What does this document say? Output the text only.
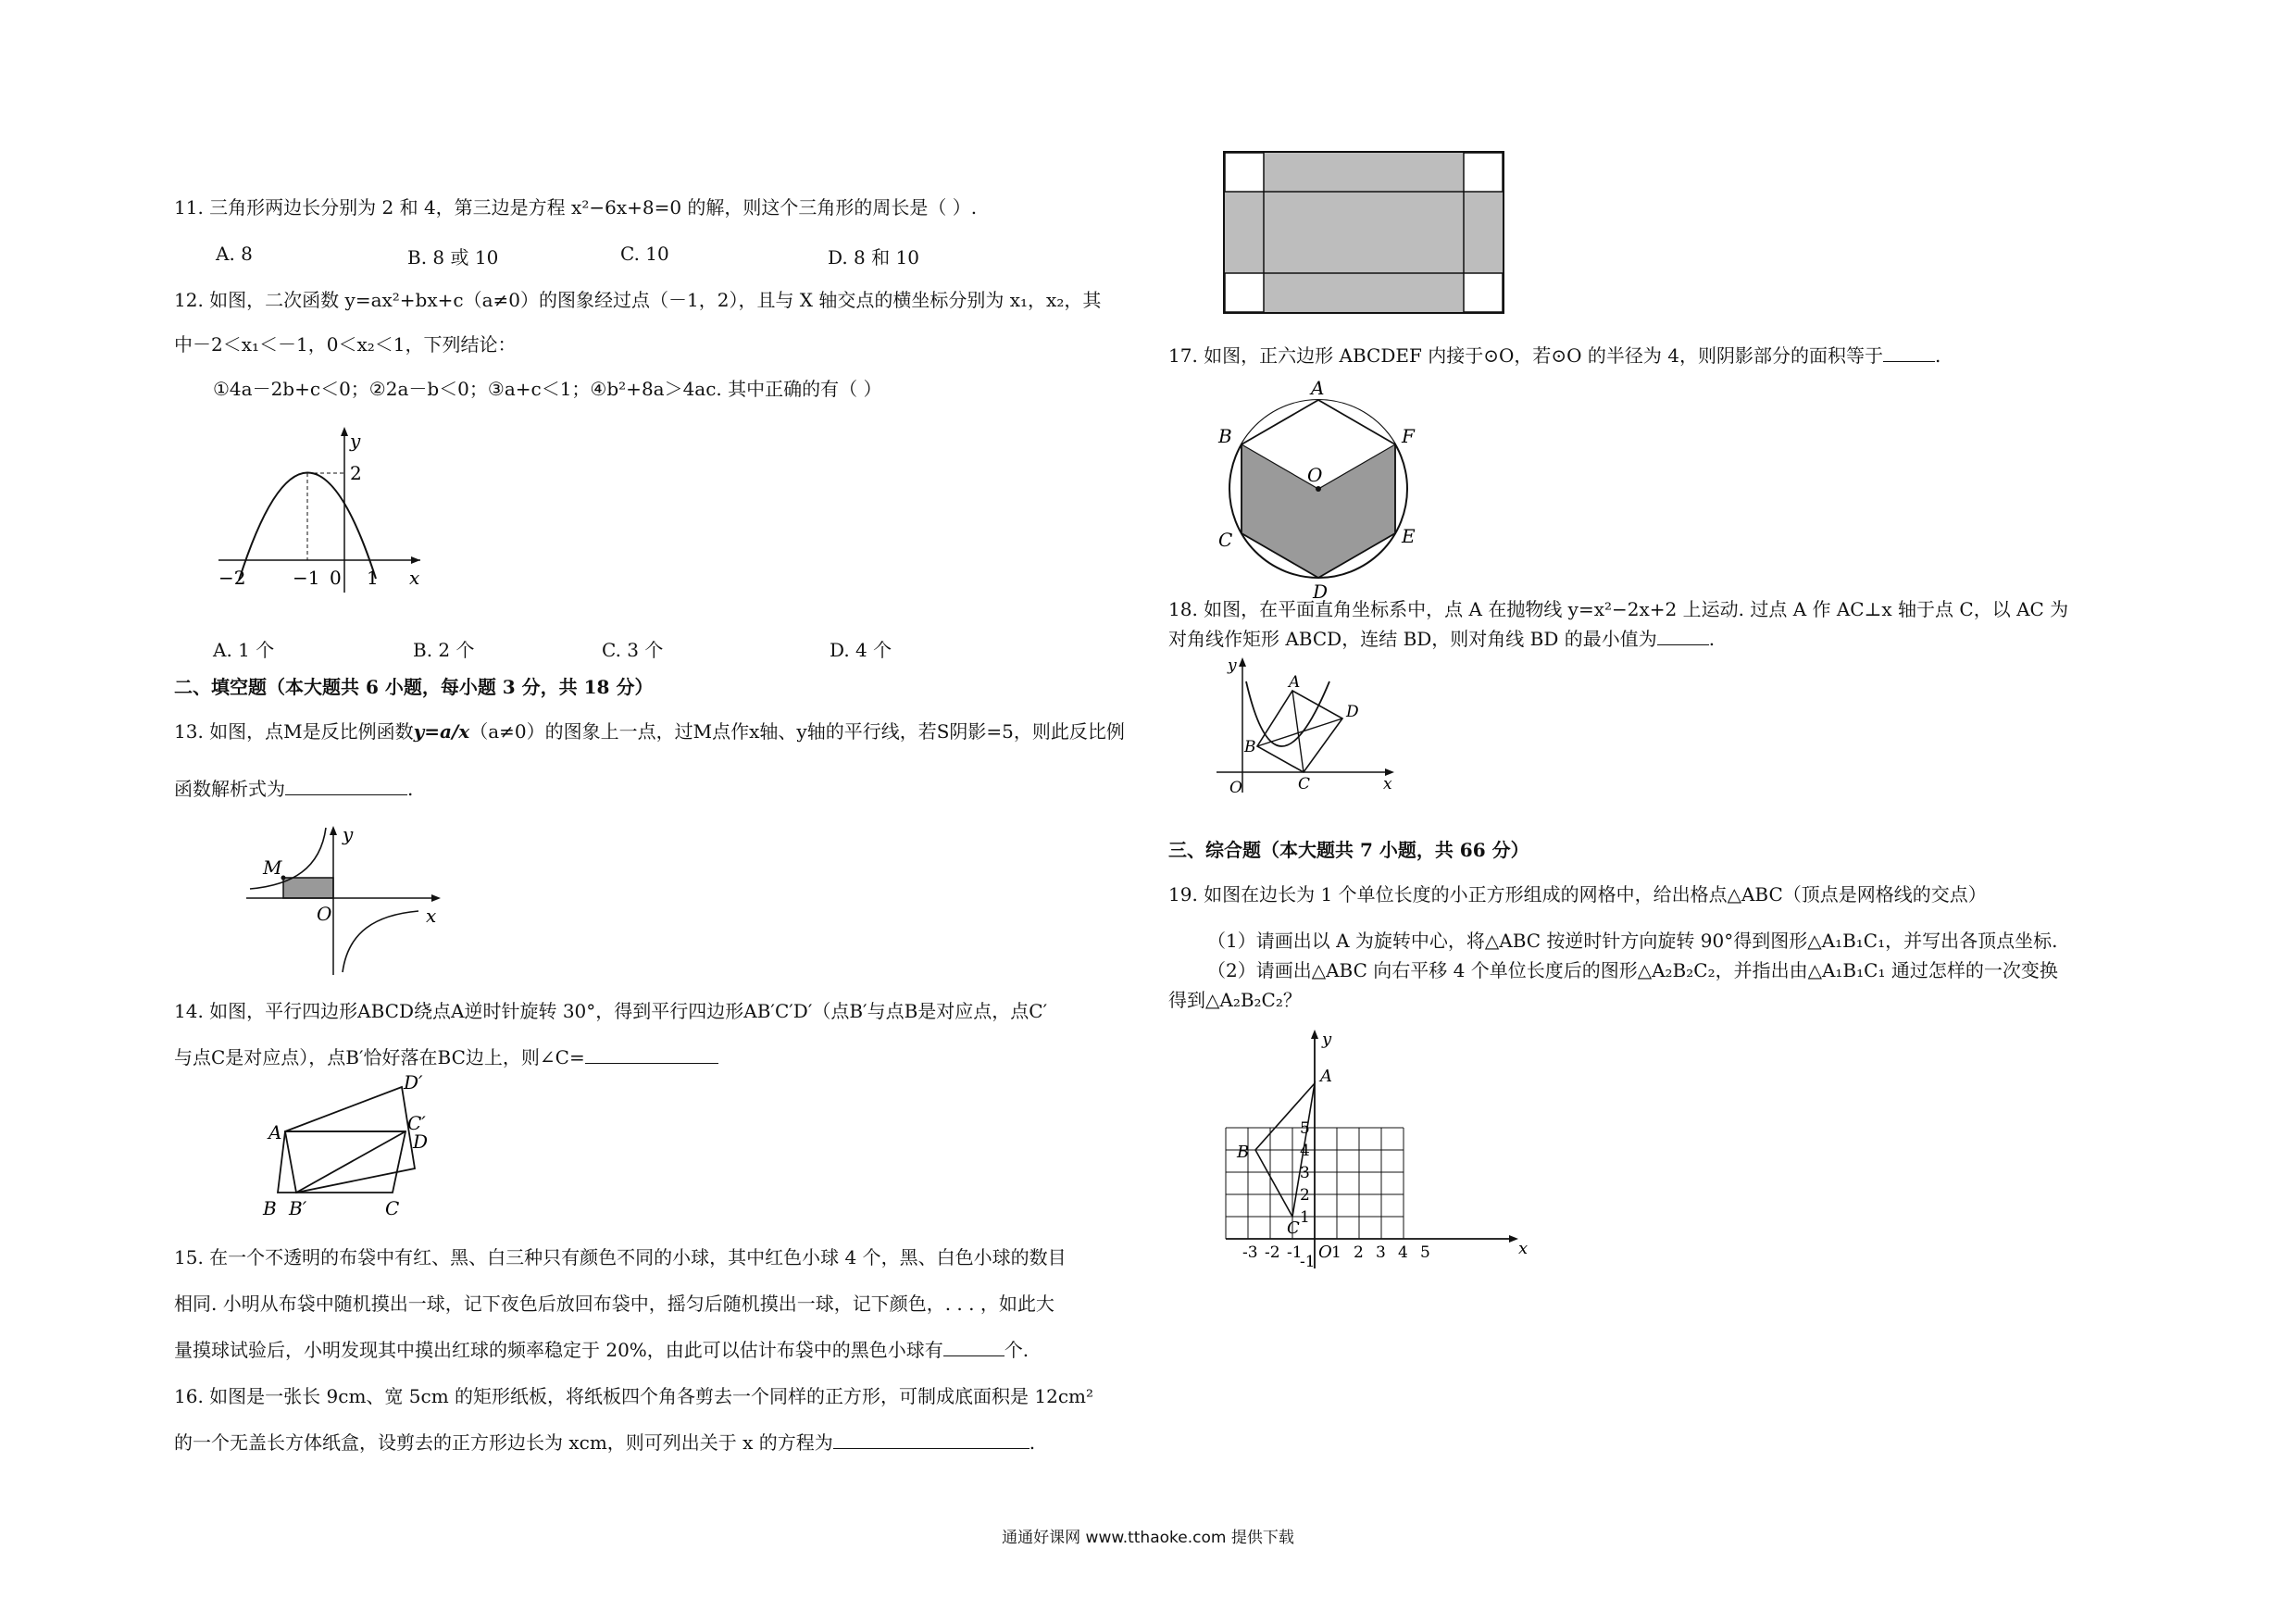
11. 三角形两边长分别为 2 和 4，第三边是方程 x²−6x+8=0 的解，则这个三角形的周长是（ ）.
A. 8	B. 8 或 10	C. 10	D. 8 和 10
12. 如图，二次函数 y=ax²+bx+c（a≠0）的图象经过点（－1，2），且与 X 轴交点的横坐标分别为 x₁，x₂，其
中－2＜x₁＜－1，0＜x₂＜1，下列结论：
①4a－2b+c＜0；②2a－b＜0；③a+c＜1；④b²+8a＞4ac. 其中正确的有（ ）
y
x
2
−2	−1 0 1
A. 1 个	B. 2 个	C. 3 个	D. 4 个
二、填空题（本大题共 6 小题，每小题 3 分，共 18 分）
13. 如图，点M是反比例函数y=a/x（a≠0）的图象上一点，过M点作x轴、y轴的平行线，若S阴影=5，则此反比例
函数解析式为	.
M
y
O	x
14. 如图，平行四边形ABCD绕点A逆时针旋转 30°，得到平行四边形AB′C′D′（点B′与点B是对应点，点C′
与点C是对应点），点B′恰好落在BC边上，则∠C=
B
A
B′	C
D′
C′
D
15. 在一个不透明的布袋中有红、黑、白三种只有颜色不同的小球，其中红色小球 4 个，黑、白色小球的数目
相同. 小明从布袋中随机摸出一球，记下夜色后放回布袋中，摇匀后随机摸出一球，记下颜色，. . . ，如此大
量摸球试验后，小明发现其中摸出红球的频率稳定于 20%，由此可以估计布袋中的黑色小球有	个.
16. 如图是一张长 9cm、宽 5cm 的矩形纸板，将纸板四个角各剪去一个同样的正方形，可制成底面积是 12cm²
的一个无盖长方体纸盒，设剪去的正方形边长为 xcm，则可列出关于 x 的方程为	.
17. 如图，正六边形 ABCDEF 内接于⊙O，若⊙O 的半径为 4，则阴影部分的面积等于	.
A
B
C
D
E
F
O
18. 如图，在平面直角坐标系中，点 A 在抛物线 y=x²−2x+2 上运动. 过点 A 作 AC⊥x 轴于点 C，以 AC 为
对角线作矩形 ABCD，连结 BD，则对角线 BD 的最小值为	.
y
x
O
A
B
C
D
三、综合题（本大题共 7 小题，共 66 分）
19. 如图在边长为 1 个单位长度的小正方形组成的网格中，给出格点△ABC（顶点是网格线的交点）
（1）请画出以 A 为旋转中心，将△ABC 按逆时针方向旋转 90°得到图形△A₁B₁C₁，并写出各顶点坐标.
（2）请画出△ABC 向右平移 4 个单位长度后的图形△A₂B₂C₂，并指出由△A₁B₁C₁ 通过怎样的一次变换
得到△A₂B₂C₂？
y
x
O
A
B
C
-3 -2 -1 1 2 3 4 5
5
4
3
2
1
-1
通通好课网 www.tthaoke.com 提供下载
